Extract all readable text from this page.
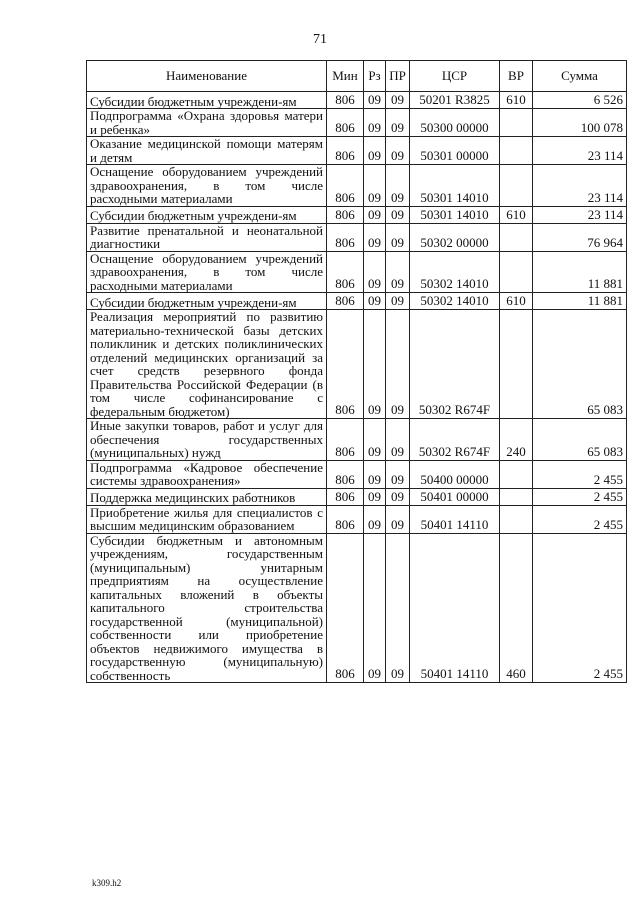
71
Наименование	Мин	Рз	ПР	ЦСР	ВР	Сумма
Субсидии бюджетным учреждени-ям	806	09	09	50201 R3825	610	6 526
Подпрограмма «Охрана здоровья матери и ребенка»	806	09	09	50300 00000		100 078
Оказание медицинской помощи матерям и детям	806	09	09	50301 00000		23 114
Оснащение оборудованием учреждений здравоохранения, в том числе расходными материалами	806	09	09	50301 14010		23 114
Субсидии бюджетным учреждени-ям	806	09	09	50301 14010	610	23 114
Развитие пренатальной и неонатальной диагностики	806	09	09	50302 00000		76 964
Оснащение оборудованием учреждений здравоохранения, в том числе расходными материалами	806	09	09	50302 14010		11 881
Субсидии бюджетным учреждени-ям	806	09	09	50302 14010	610	11 881
Реализация мероприятий по развитию материально-технической базы детских поликлиник и детских поликлинических отделений медицинских организаций за счет средств резервного фонда Правительства Российской Федерации (в том числе софинансирование с федеральным бюджетом)	806	09	09	50302 R674F		65 083
Иные закупки товаров, работ и услуг для обеспечения государственных (муниципальных) нужд	806	09	09	50302 R674F	240	65 083
Подпрограмма «Кадровое обеспечение системы здравоохранения»	806	09	09	50400 00000		2 455
Поддержка медицинских работников	806	09	09	50401 00000		2 455
Приобретение жилья для специалистов с высшим медицинским образованием	806	09	09	50401 14110		2 455
Субсидии бюджетным и автономным учреждениям, государственным (муниципальным) унитарным предприятиям на осуществление капитальных вложений в объекты капитального строительства государственной (муниципальной) собственности или приобретение объектов недвижимого имущества в государственную (муниципальную) собственность	806	09	09	50401 14110	460	2 455
k309.h2
